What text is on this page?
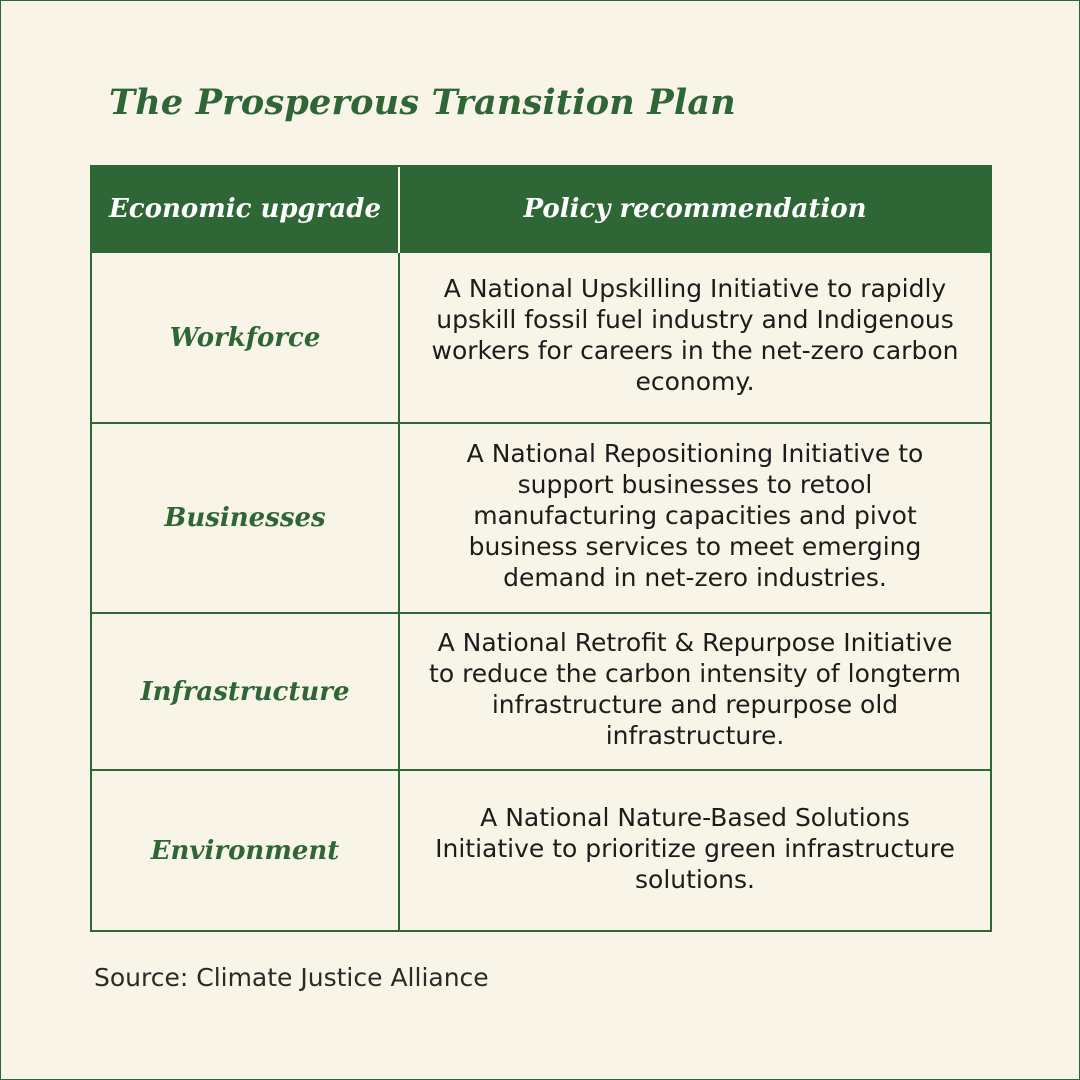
The Prosperous Transition Plan
Economic upgrade	Policy recommendation
Workforce	A National Upskilling Initiative to rapidly upskill fossil fuel industry and Indigenous workers for careers in the net-zero carbon economy.

Businesses	A National Repositioning Initiative to support businesses to retool manufacturing capacities and pivot business services to meet emerging demand in net-zero industries.

Infrastructure	A National Retrofit & Repurpose Initiative to reduce the carbon intensity of longterm infrastructure and repurpose old infrastructure.

Environment	A National Nature-Based Solutions Initiative to prioritize green infrastructure solutions.
Source: Climate Justice Alliance
